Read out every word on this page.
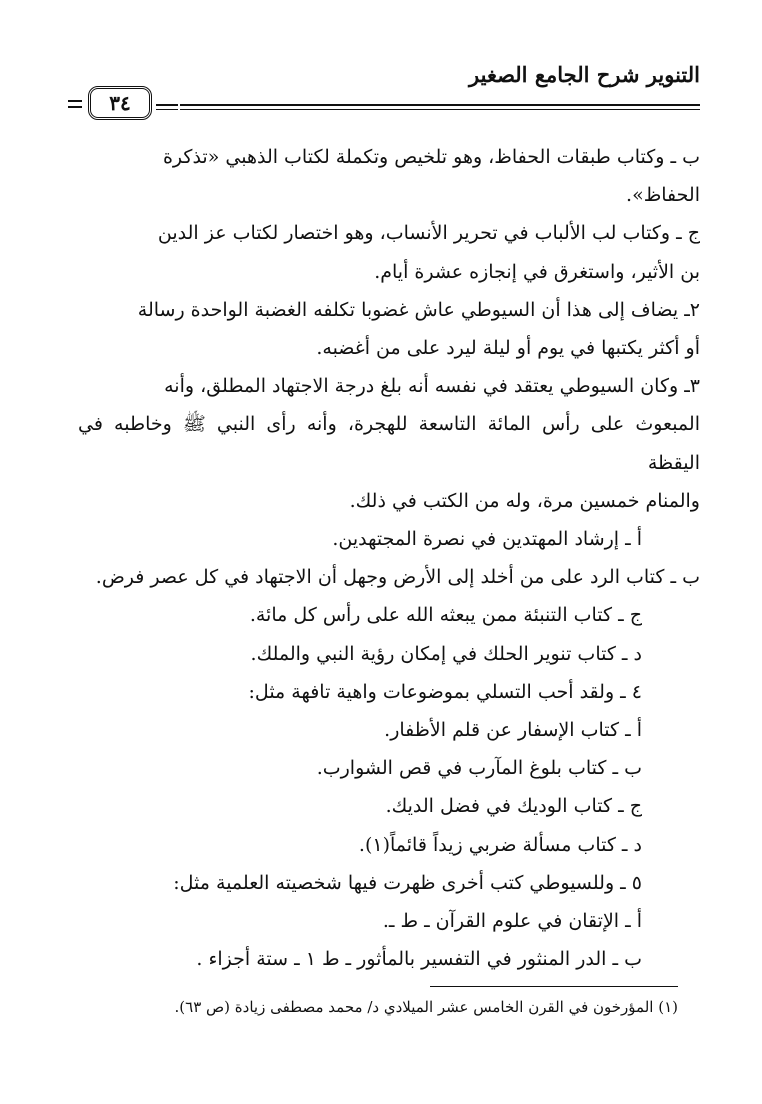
التنوير شرح الجامع الصغير
٣٤

ب ـ وكتاب طبقات الحفاظ، وهو تلخيص وتكملة لكتاب الذهبي «تذكرة

الحفاظ».

ج ـ وكتاب لب الألباب في تحرير الأنساب، وهو اختصار لكتاب عز الدين

بن الأثير، واستغرق في إنجازه عشرة أيام.

٢ـ يضاف إلى هذا أن السيوطي عاش غضوبا تكلفه الغضبة الواحدة رسالة

أو أكثر يكتبها في يوم أو ليلة ليرد على من أغضبه.

٣ـ وكان السيوطي يعتقد في نفسه أنه بلغ درجة الاجتهاد المطلق، وأنه

المبعوث على رأس المائة التاسعة للهجرة، وأنه رأى النبي ﷺ وخاطبه في اليقظة

والمنام خمسين مرة، وله من الكتب في ذلك.

أ ـ إرشاد المهتدين في نصرة المجتهدين.

ب ـ كتاب الرد على من أخلد إلى الأرض وجهل أن الاجتهاد في كل عصر فرض.

ج ـ كتاب التنبئة ممن يبعثه الله على رأس كل مائة.

د ـ كتاب تنوير الحلك في إمكان رؤية النبي والملك.

٤ ـ ولقد أحب التسلي بموضوعات واهية تافهة مثل:

أ ـ كتاب الإسفار عن قلم الأظفار.

ب ـ كتاب بلوغ المآرب في قص الشوارب.

ج ـ كتاب الوديك في فضل الديك.

د ـ كتاب مسألة ضربي زيداً قائماً(١).

٥ ـ وللسيوطي كتب أخرى ظهرت فيها شخصيته العلمية مثل:

أ ـ الإتقان في علوم القرآن ـ ط ـ.

ب ـ الدر المنثور في التفسير بالمأثور ـ ط ١ ـ ستة أجزاء .

(١) المؤرخون في القرن الخامس عشر الميلادي د/ محمد مصطفى زيادة (ص ٦٣).
